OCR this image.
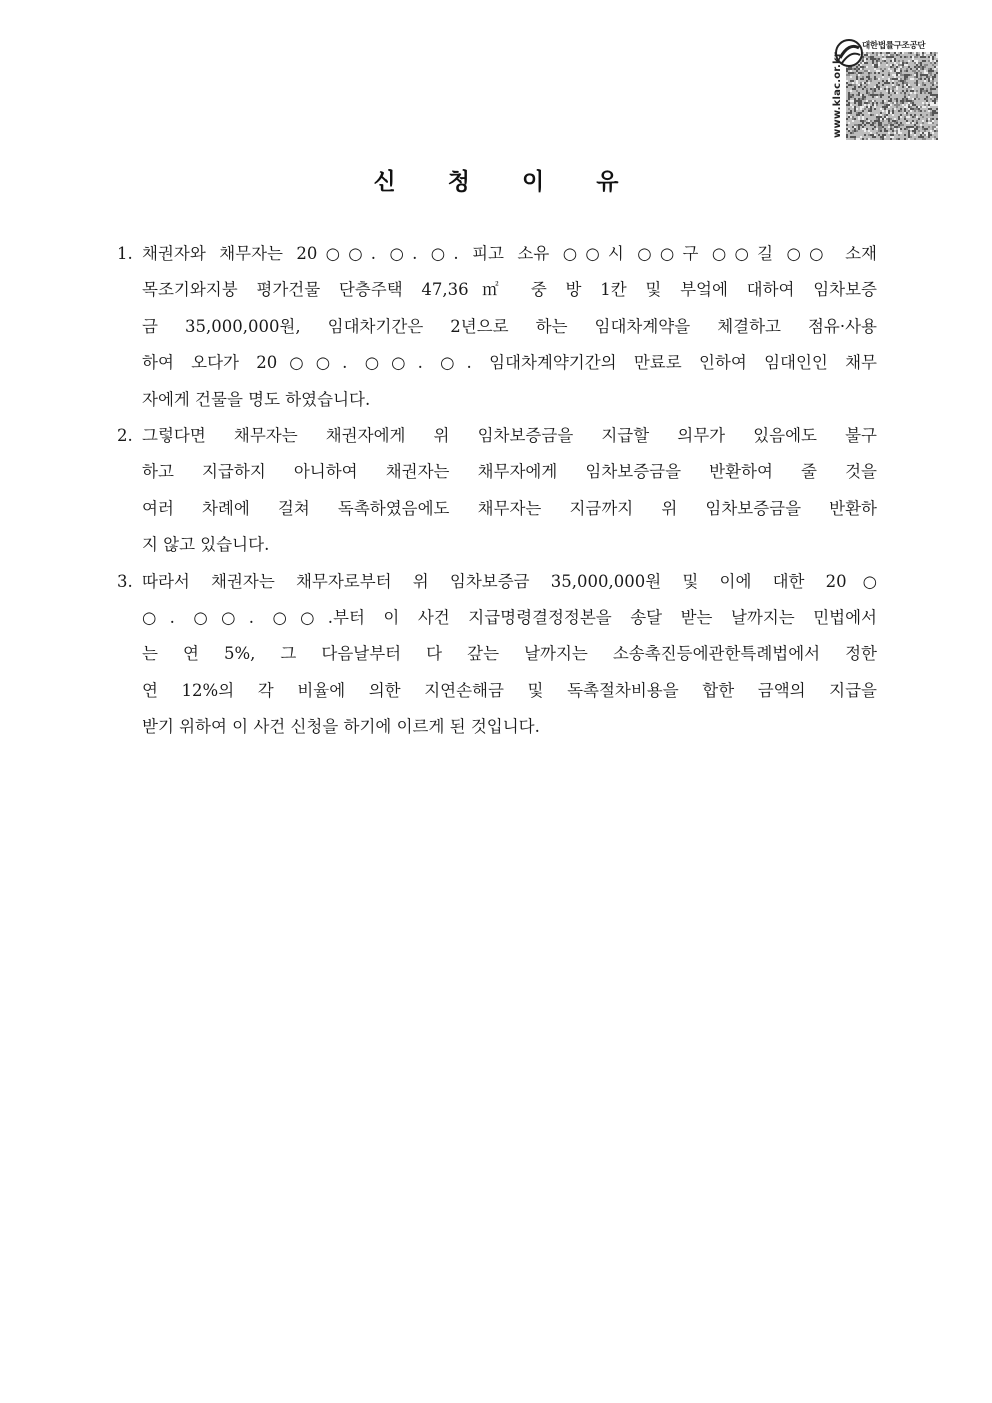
대한법률구조공단
www.klac.or.kr
신 청 이 유
1. 채권자와 채무자는 20○○. ○. ○. 피고 소유 ○○시 ○○구 ○○길 ○○ 소재
목조기와지붕 평가건물 단층주택 47,36㎡ 중 방 1칸 및 부엌에 대하여 임차보증
금 35,000,000원, 임대차기간은 2년으로 하는 임대차계약을 체결하고 점유·사용
하여 오다가 20○○. ○○. ○. 임대차계약기간의 만료로 인하여 임대인인 채무
자에게 건물을 명도 하였습니다.
2. 그렇다면 채무자는 채권자에게 위 임차보증금을 지급할 의무가 있음에도 불구
하고 지급하지 아니하여 채권자는 채무자에게 임차보증금을 반환하여 줄 것을
여러 차례에 걸쳐 독촉하였음에도 채무자는 지금까지 위 임차보증금을 반환하
지 않고 있습니다.
3. 따라서 채권자는 채무자로부터 위 임차보증금 35,000,000원 및 이에 대한 20○
○. ○○. ○○.부터 이 사건 지급명령결정정본을 송달 받는 날까지는 민법에서
는 연 5%, 그 다음날부터 다 갚는 날까지는 소송촉진등에관한특례법에서 정한
연 12%의 각 비율에 의한 지연손해금 및 독촉절차비용을 합한 금액의 지급을
받기 위하여 이 사건 신청을 하기에 이르게 된 것입니다.
